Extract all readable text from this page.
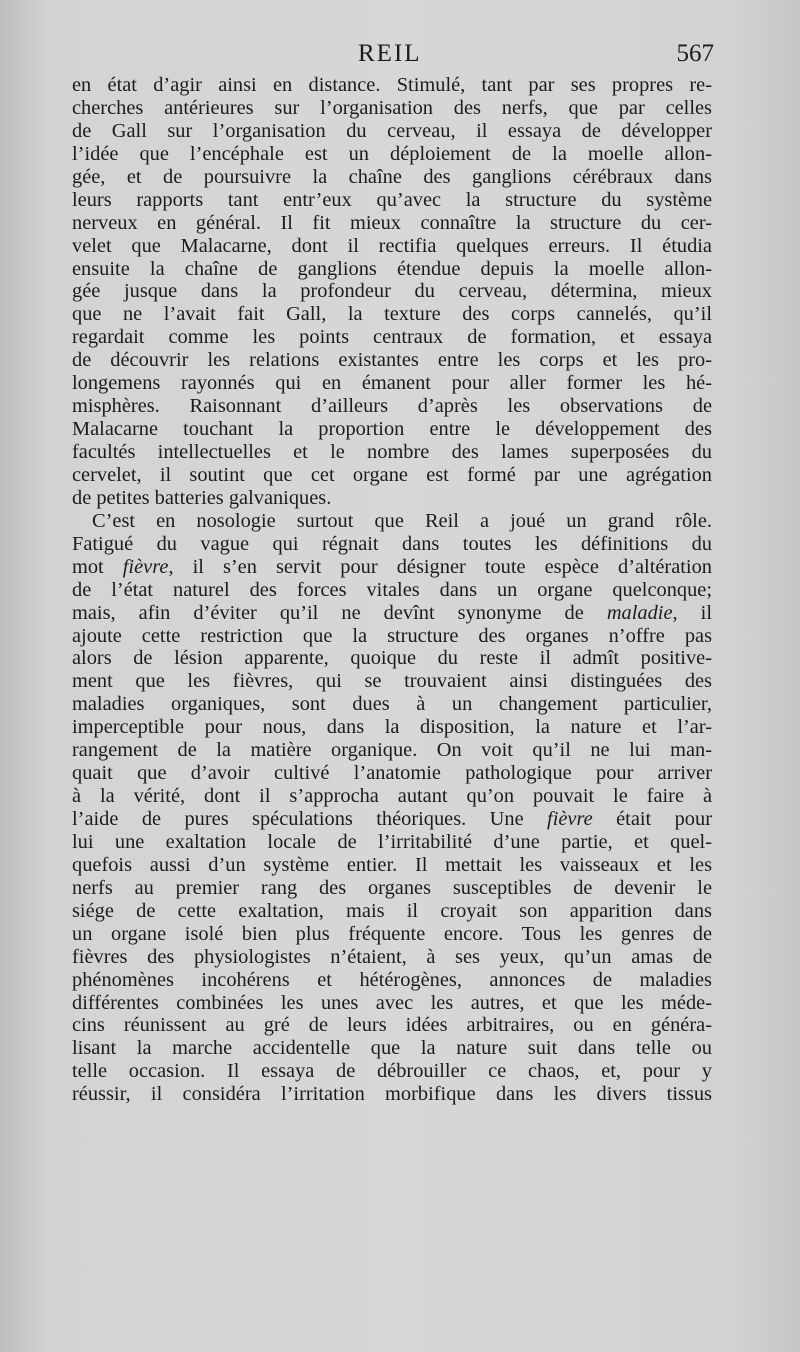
REIL	567
en état d’agir ainsi en distance. Stimulé, tant par ses propres re-
cherches antérieures sur l’organisation des nerfs, que par celles
de Gall sur l’organisation du cerveau, il essaya de développer
l’idée que l’encéphale est un déploiement de la moelle allon-
gée, et de poursuivre la chaîne des ganglions cérébraux dans
leurs rapports tant entr’eux qu’avec la structure du système
nerveux en général. Il fit mieux connaître la structure du cer-
velet que Malacarne, dont il rectifia quelques erreurs. Il étudia
ensuite la chaîne de ganglions étendue depuis la moelle allon-
gée jusque dans la profondeur du cerveau, détermina, mieux
que ne l’avait fait Gall, la texture des corps cannelés, qu’il
regardait comme les points centraux de formation, et essaya
de découvrir les relations existantes entre les corps et les pro-
longemens rayonnés qui en émanent pour aller former les hé-
misphères. Raisonnant d’ailleurs d’après les observations de
Malacarne touchant la proportion entre le développement des
facultés intellectuelles et le nombre des lames superposées du
cervelet, il soutint que cet organe est formé par une agrégation
de petites batteries galvaniques.
C’est en nosologie surtout que Reil a joué un grand rôle.
Fatigué du vague qui régnait dans toutes les définitions du
mot fièvre, il s’en servit pour désigner toute espèce d’altération
de l’état naturel des forces vitales dans un organe quelconque;
mais, afin d’éviter qu’il ne devînt synonyme de maladie, il
ajoute cette restriction que la structure des organes n’offre pas
alors de lésion apparente, quoique du reste il admît positive-
ment que les fièvres, qui se trouvaient ainsi distinguées des
maladies organiques, sont dues à un changement particulier,
imperceptible pour nous, dans la disposition, la nature et l’ar-
rangement de la matière organique. On voit qu’il ne lui man-
quait que d’avoir cultivé l’anatomie pathologique pour arriver
à la vérité, dont il s’approcha autant qu’on pouvait le faire à
l’aide de pures spéculations théoriques. Une fièvre était pour
lui une exaltation locale de l’irritabilité d’une partie, et quel-
quefois aussi d’un système entier. Il mettait les vaisseaux et les
nerfs au premier rang des organes susceptibles de devenir le
siége de cette exaltation, mais il croyait son apparition dans
un organe isolé bien plus fréquente encore. Tous les genres de
fièvres des physiologistes n’étaient, à ses yeux, qu’un amas de
phénomènes incohérens et hétérogènes, annonces de maladies
différentes combinées les unes avec les autres, et que les méde-
cins réunissent au gré de leurs idées arbitraires, ou en généra-
lisant la marche accidentelle que la nature suit dans telle ou
telle occasion. Il essaya de débrouiller ce chaos, et, pour y
réussir, il considéra l’irritation morbifique dans les divers tissus
